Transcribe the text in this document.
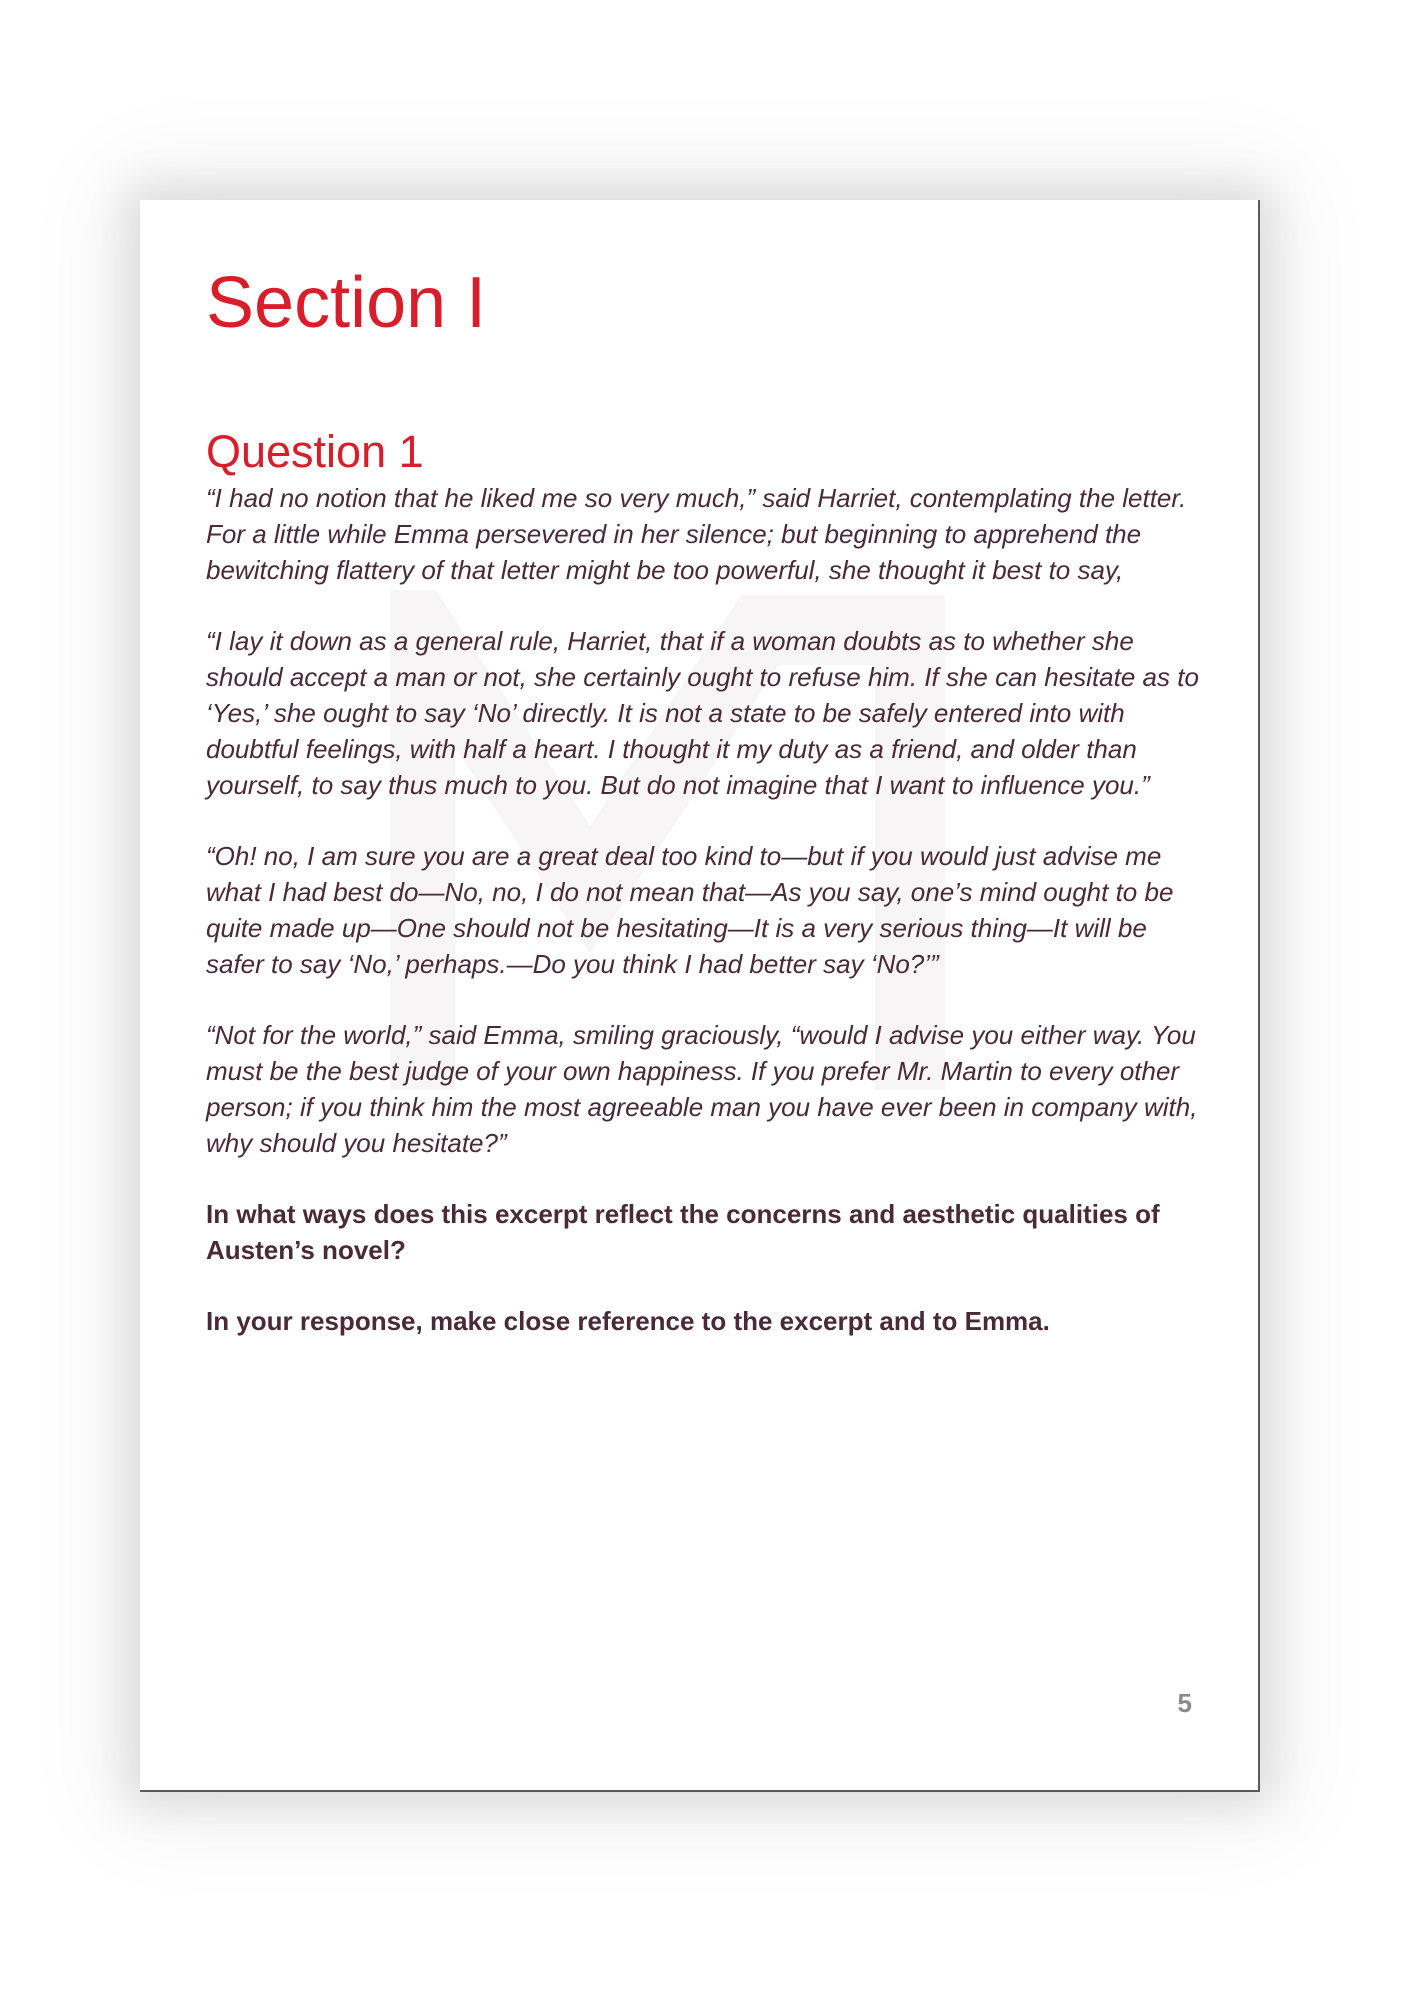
Section I
Question 1

“I had no notion that he liked me so very much,” said Harriet, contemplating the letter. For a little while Emma persevered in her silence; but beginning to apprehend the bewitching flattery of that letter might be too powerful, she thought it best to say,

“I lay it down as a general rule, Harriet, that if a woman doubts as to whether she should accept a man or not, she certainly ought to refuse him. If she can hesitate as to ‘Yes,’ she ought to say ‘No’ directly. It is not a state to be safely entered into with doubtful feelings, with half a heart. I thought it my duty as a friend, and older than yourself, to say thus much to you. But do not imagine that I want to influence you.”

“Oh! no, I am sure you are a great deal too kind to—but if you would just advise me what I had best do—No, no, I do not mean that—As you say, one’s mind ought to be quite made up—One should not be hesitating—It is a very serious thing—It will be safer to say ‘No,’ perhaps.—Do you think I had better say ‘No?’”

“Not for the world,” said Emma, smiling graciously, “would I advise you either way. You must be the best judge of your own happiness. If you prefer Mr. Martin to every other person; if you think him the most agreeable man you have ever been in company with, why should you hesitate?”

In what ways does this excerpt reflect the concerns and aesthetic qualities of Austen’s novel?

In your response, make close reference to the excerpt and to Emma.

5
